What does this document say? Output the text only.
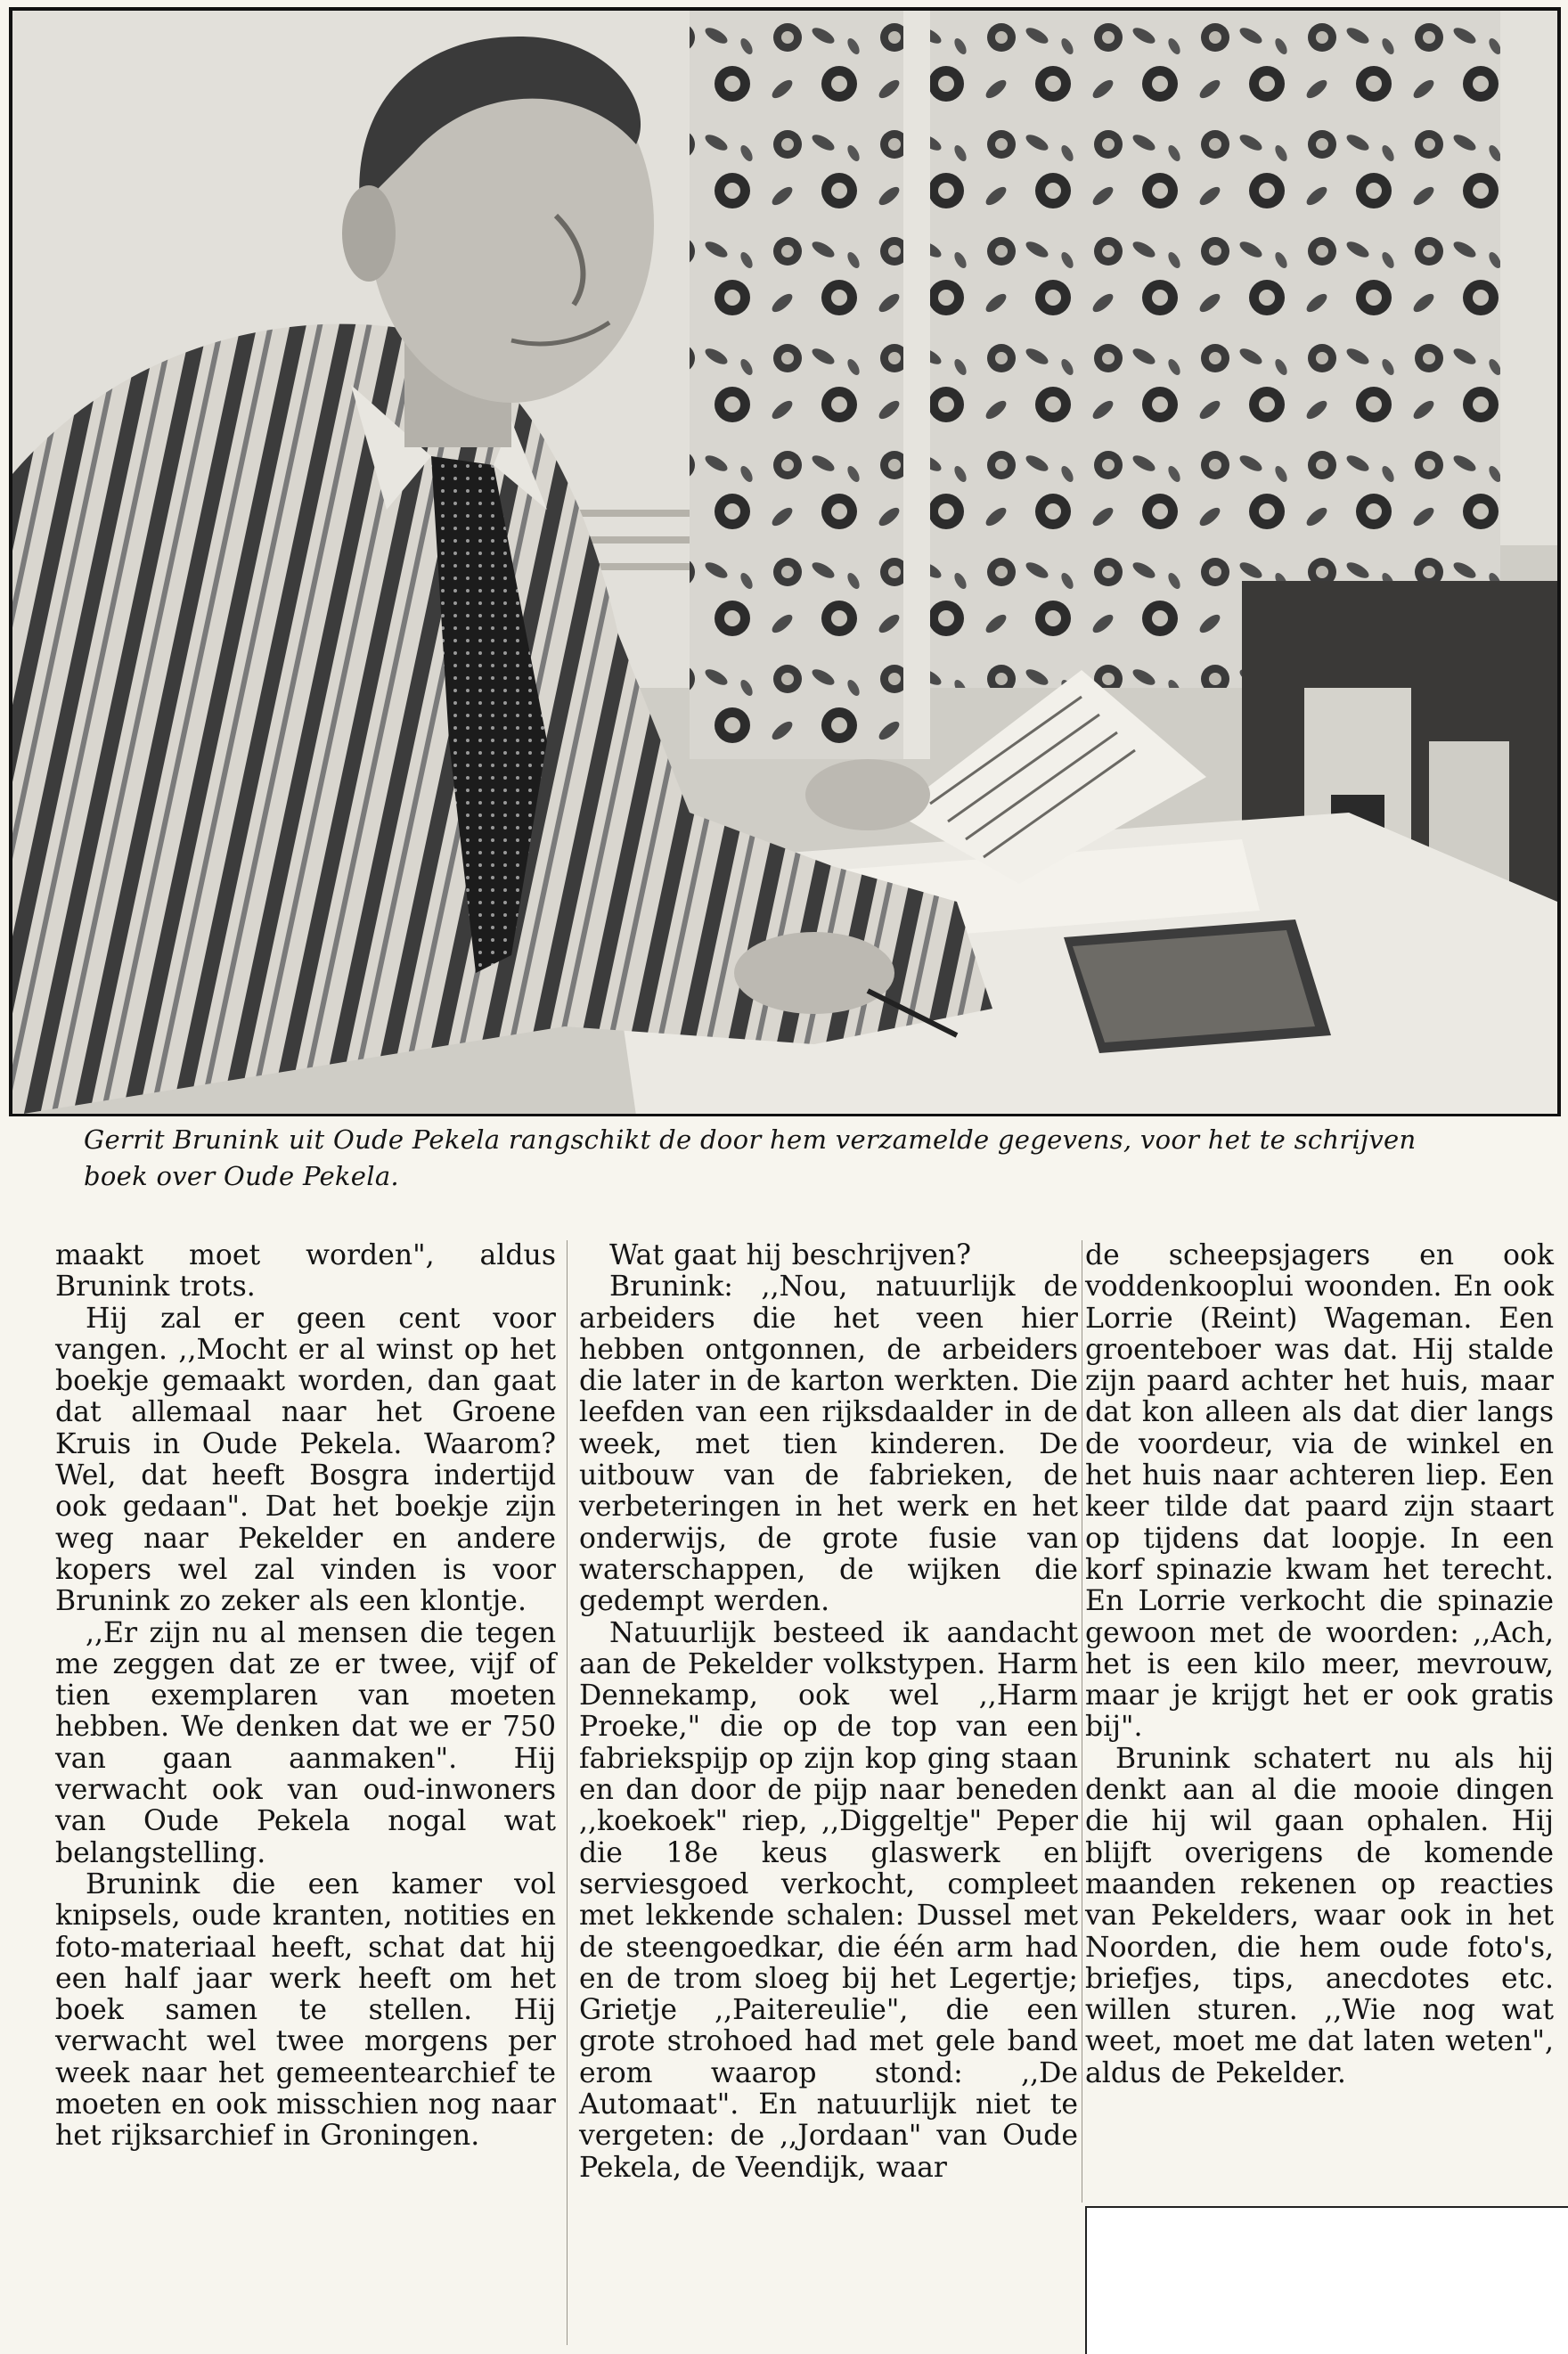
Gerrit Brunink uit Oude Pekela rangschikt de door hem verzamelde gegevens, voor het te schrijven boek over Oude Pekela.

maakt moet worden", aldus Brunink trots.

Hij zal er geen cent voor vangen. ,,Mocht er al winst op het boekje gemaakt worden, dan gaat dat allemaal naar het Groene Kruis in Oude Pekela. Waarom? Wel, dat heeft Bosgra indertijd ook gedaan". Dat het boekje zijn weg naar Pekelder en andere kopers wel zal vinden is voor Brunink zo zeker als een klontje.

,,Er zijn nu al mensen die tegen me zeggen dat ze er twee, vijf of tien exemplaren van moeten hebben. We denken dat we er 750 van gaan aanmaken". Hij verwacht ook van oud-inwoners van Oude Pekela nogal wat belangstelling.

Brunink die een kamer vol knipsels, oude kranten, notities en foto-materiaal heeft, schat dat hij een half jaar werk heeft om het boek samen te stellen. Hij verwacht wel twee morgens per week naar het gemeentearchief te moeten en ook misschien nog naar het rijksarchief in Groningen.

Wat gaat hij beschrijven?

Brunink: ,,Nou, natuurlijk de arbeiders die het veen hier hebben ontgonnen, de arbeiders die later in de karton werkten. Die leefden van een rijksdaalder in de week, met tien kinderen. De uitbouw van de fabrieken, de verbeteringen in het werk en het onderwijs, de grote fusie van waterschappen, de wijken die gedempt werden.

Natuurlijk besteed ik aandacht aan de Pekelder volkstypen. Harm Dennekamp, ook wel ,,Harm Proeke," die op de top van een fabriekspijp op zijn kop ging staan en dan door de pijp naar beneden ,,koekoek" riep, ,,Diggeltje" Peper die 18e keus glaswerk en serviesgoed verkocht, compleet met lekkende schalen: Dussel met de steengoedkar, die één arm had en de trom sloeg bij het Legertje; Grietje ,,Paitereulie", die een grote strohoed had met gele band erom waarop stond: ,,De Automaat". En natuurlijk niet te vergeten: de ,,Jordaan" van Oude Pekela, de Veendijk, waar

de scheepsjagers en ook voddenkooplui woonden. En ook Lorrie (Reint) Wageman. Een groenteboer was dat. Hij stalde zijn paard achter het huis, maar dat kon alleen als dat dier langs de voordeur, via de winkel en het huis naar achteren liep. Een keer tilde dat paard zijn staart op tijdens dat loopje. In een korf spinazie kwam het terecht. En Lorrie verkocht die spinazie gewoon met de woorden: ,,Ach, het is een kilo meer, mevrouw, maar je krijgt het er ook gratis bij".

Brunink schatert nu als hij denkt aan al die mooie dingen die hij wil gaan ophalen. Hij blijft overigens de komende maanden rekenen op reacties van Pekelders, waar ook in het Noorden, die hem oude foto's, briefjes, tips, anecdotes etc. willen sturen. ,,Wie nog wat weet, moet me dat laten weten", aldus de Pekelder.
